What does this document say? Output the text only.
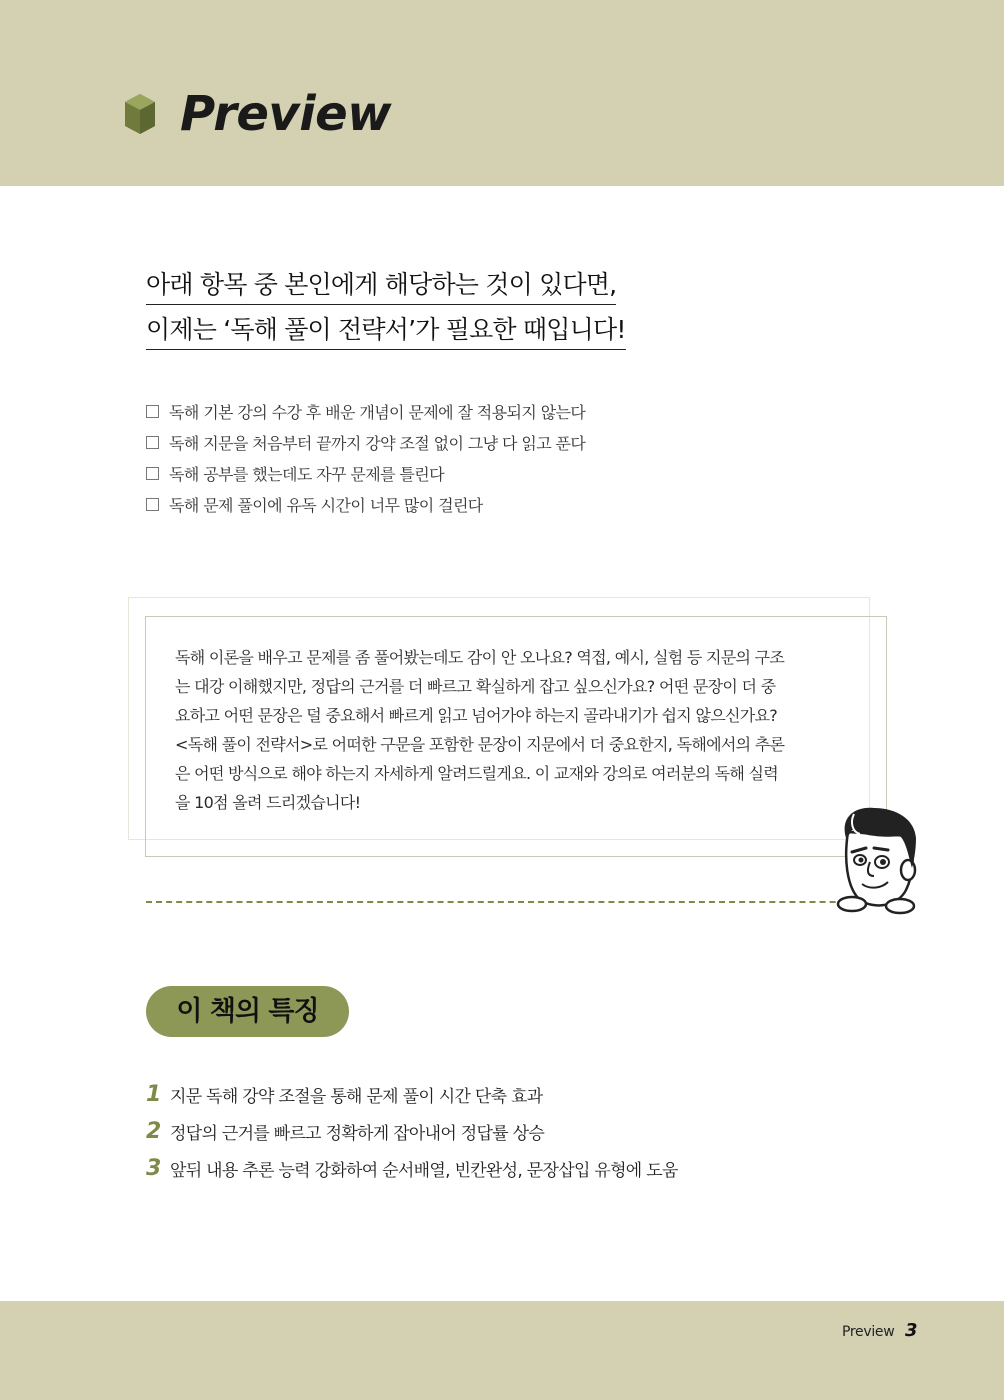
Preview
아래 항목 중 본인에게 해당하는 것이 있다면,
이제는 ‘독해 풀이 전략서’가 필요한 때입니다!
독해 기본 강의 수강 후 배운 개념이 문제에 잘 적용되지 않는다
독해 지문을 처음부터 끝까지 강약 조절 없이 그냥 다 읽고 푼다
독해 공부를 했는데도 자꾸 문제를 틀린다
독해 문제 풀이에 유독 시간이 너무 많이 걸린다
독해 이론을 배우고 문제를 좀 풀어봤는데도 감이 안 오나요? 역접, 예시, 실험 등 지문의 구조
는 대강 이해했지만, 정답의 근거를 더 빠르고 확실하게 잡고 싶으신가요? 어떤 문장이 더 중
요하고 어떤 문장은 덜 중요해서 빠르게 읽고 넘어가야 하는지 골라내기가 쉽지 않으신가요?
<독해 풀이 전략서>로 어떠한 구문을 포함한 문장이 지문에서 더 중요한지, 독해에서의 추론
은 어떤 방식으로 해야 하는지 자세하게 알려드릴게요. 이 교재와 강의로 여러분의 독해 실력
을 10점 올려 드리겠습니다!
이 책의 특징
1 지문 독해 강약 조절을 통해 문제 풀이 시간 단축 효과
2 정답의 근거를 빠르고 정확하게 잡아내어 정답률 상승
3 앞뒤 내용 추론 능력 강화하여 순서배열, 빈칸완성, 문장삽입 유형에 도움
Preview 3
